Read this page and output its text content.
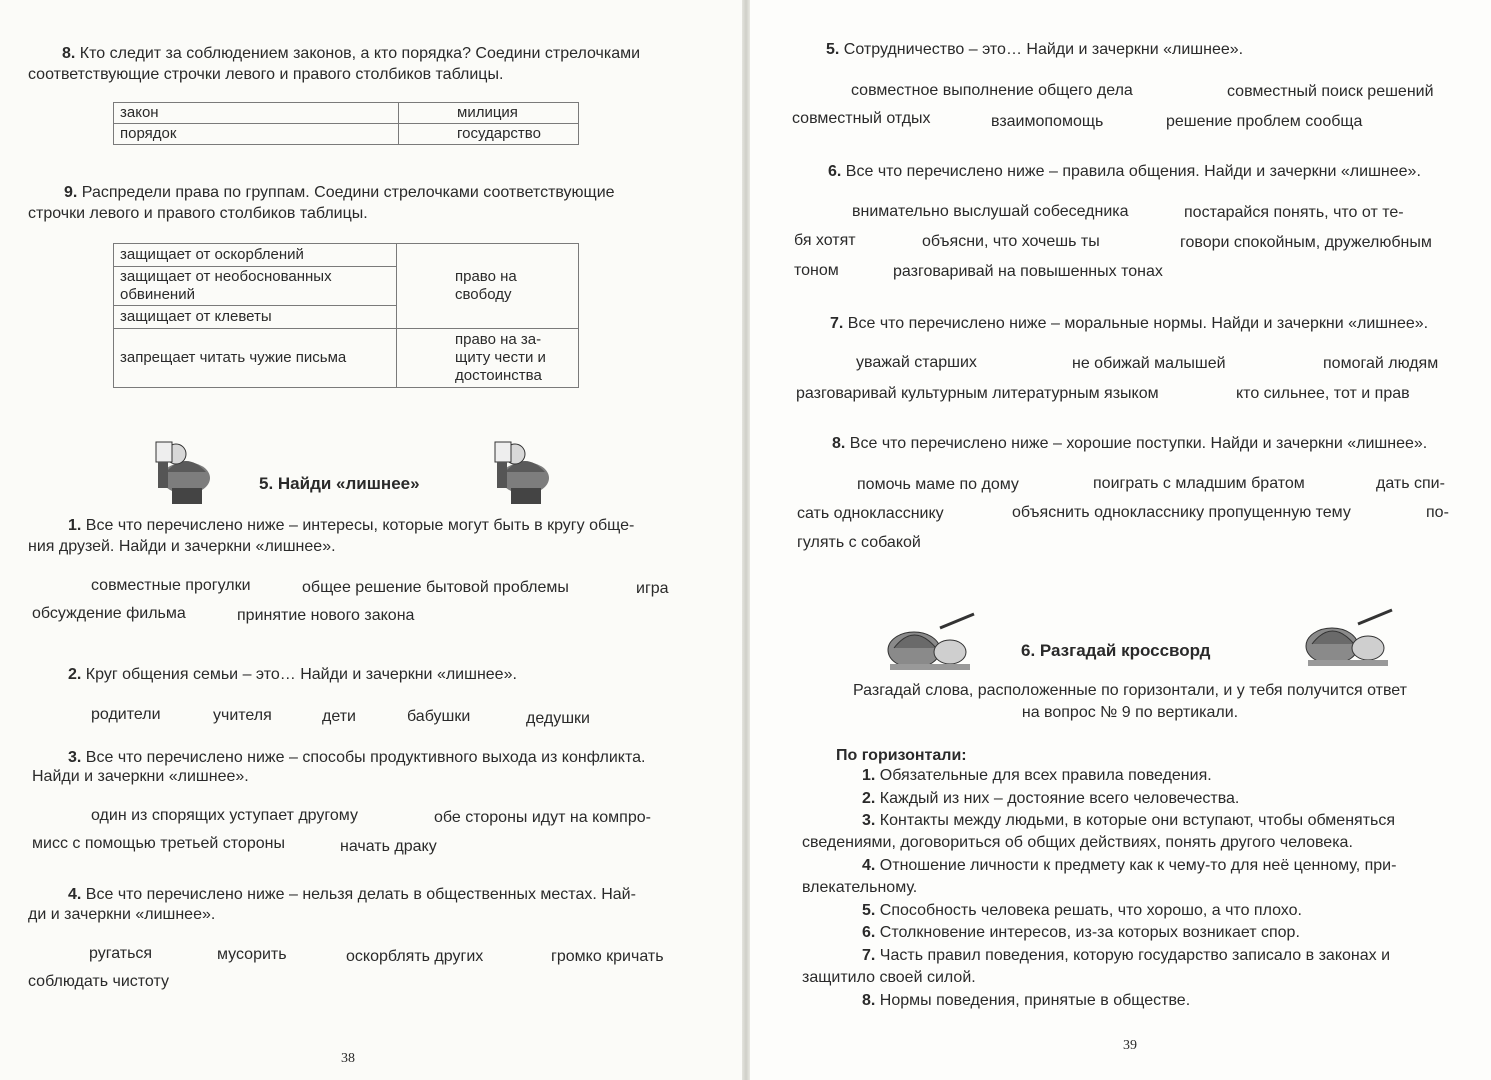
8. Кто следит за соблюдением законов, а кто порядка? Соедини стрелочками
соответствующие строчки левого и правого столбиков таблицы.
закон	милиция
порядок	государство
9. Распредели права по группам. Соедини стрелочками соответствующие
строчки левого и правого столбиков таблицы.
защищает от оскорблений	право на
свободу

защищает от необоснованных
обвинений	

защищает от клеветы	
запрещает читать чужие письма	право на за-
щиту чести и
достоинства
5. Найди «лишнее»
1. Все что перечислено ниже – интересы, которые могут быть в кругу обще-
ния друзей. Найди и зачеркни «лишнее».
совместные прогулки	общее решение бытовой проблемы	игра
обсуждение фильма	принятие нового закона
2. Круг общения семьи – это… Найди и зачеркни «лишнее».
родители	учителя	дети	бабушки	дедушки
3. Все что перечислено ниже – способы продуктивного выхода из конфликта.
Найди и зачеркни «лишнее».
один из спорящих уступает другому	обе стороны идут на компро-
мисс с помощью третьей стороны	начать драку
4. Все что перечислено ниже – нельзя делать в общественных местах. Най-
ди и зачеркни «лишнее».
ругаться	мусорить	оскорблять других	громко кричать
соблюдать чистоту
38
5. Сотрудничество – это… Найди и зачеркни «лишнее».
совместное выполнение общего дела	совместный поиск решений
совместный отдых	взаимопомощь	решение проблем сообща
6. Все что перечислено ниже – правила общения. Найди и зачеркни «лишнее».
внимательно выслушай собеседника	постарайся понять, что от те-
бя хотят	объясни, что хочешь ты	говори спокойным, дружелюбным
тоном	разговаривай на повышенных тонах
7. Все что перечислено ниже – моральные нормы. Найди и зачеркни «лишнее».
уважай старших	не обижай малышей	помогай людям
разговаривай культурным литературным языком	кто сильнее, тот и прав
8. Все что перечислено ниже – хорошие поступки. Найди и зачеркни «лишнее».
помочь маме по дому	поиграть с младшим братом	дать спи-
сать однокласснику	объяснить однокласснику пропущенную тему	по-
гулять с собакой
6. Разгадай кроссворд
Разгадай слова, расположенные по горизонтали, и у тебя получится ответ
на вопрос № 9 по вертикали.
По горизонтали:
1. Обязательные для всех правила поведения.
2. Каждый из них – достояние всего человечества.
3. Контакты между людьми, в которые они вступают, чтобы обменяться
сведениями, договориться об общих действиях, понять другого человека.
4. Отношение личности к предмету как к чему-то для неё ценному, при-
влекательному.
5. Способность человека решать, что хорошо, а что плохо.
6. Столкновение интересов, из-за которых возникает спор.
7. Часть правил поведения, которую государство записало в законах и
защитило своей силой.
8. Нормы поведения, принятые в обществе.
39
